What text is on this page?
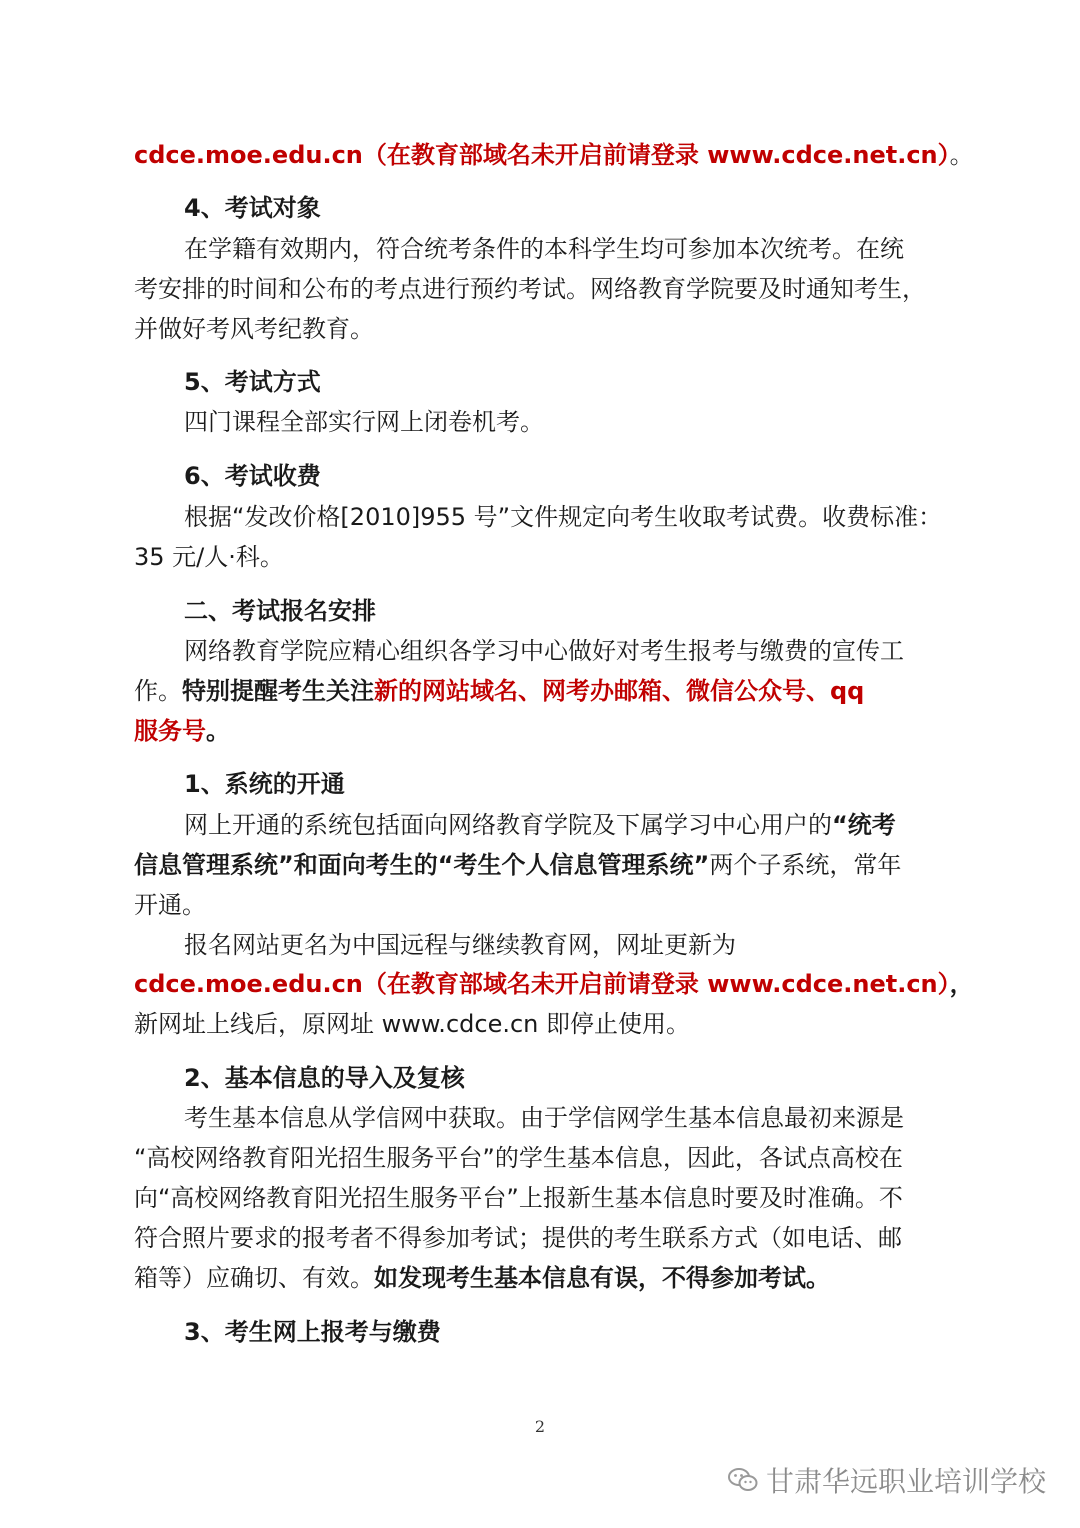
cdce.moe.edu.cn（在教育部域名未开启前请登录 www.cdce.net.cn）。
4、考试对象
在学籍有效期内，符合统考条件的本科学生均可参加本次统考。在统
考安排的时间和公布的考点进行预约考试。网络教育学院要及时通知考生，
并做好考风考纪教育。
5、考试方式
四门课程全部实行网上闭卷机考。
6、考试收费
根据“发改价格[2010]955 号”文件规定向考生收取考试费。收费标准：
35 元/人·科。
二、考试报名安排
网络教育学院应精心组织各学习中心做好对考生报考与缴费的宣传工
作。特别提醒考生关注新的网站域名、网考办邮箱、微信公众号、qq
服务号。
1、系统的开通
网上开通的系统包括面向网络教育学院及下属学习中心用户的“统考
信息管理系统”和面向考生的“考生个人信息管理系统”两个子系统，常年
开通。
报名网站更名为中国远程与继续教育网，网址更新为
cdce.moe.edu.cn（在教育部域名未开启前请登录 www.cdce.net.cn），
新网址上线后，原网址 www.cdce.cn 即停止使用。
2、基本信息的导入及复核
考生基本信息从学信网中获取。由于学信网学生基本信息最初来源是
“高校网络教育阳光招生服务平台”的学生基本信息，因此，各试点高校在
向“高校网络教育阳光招生服务平台”上报新生基本信息时要及时准确。不
符合照片要求的报考者不得参加考试；提供的考生联系方式（如电话、邮
箱等）应确切、有效。如发现考生基本信息有误，不得参加考试。
3、考生网上报考与缴费
2
甘肃华远职业培训学校
